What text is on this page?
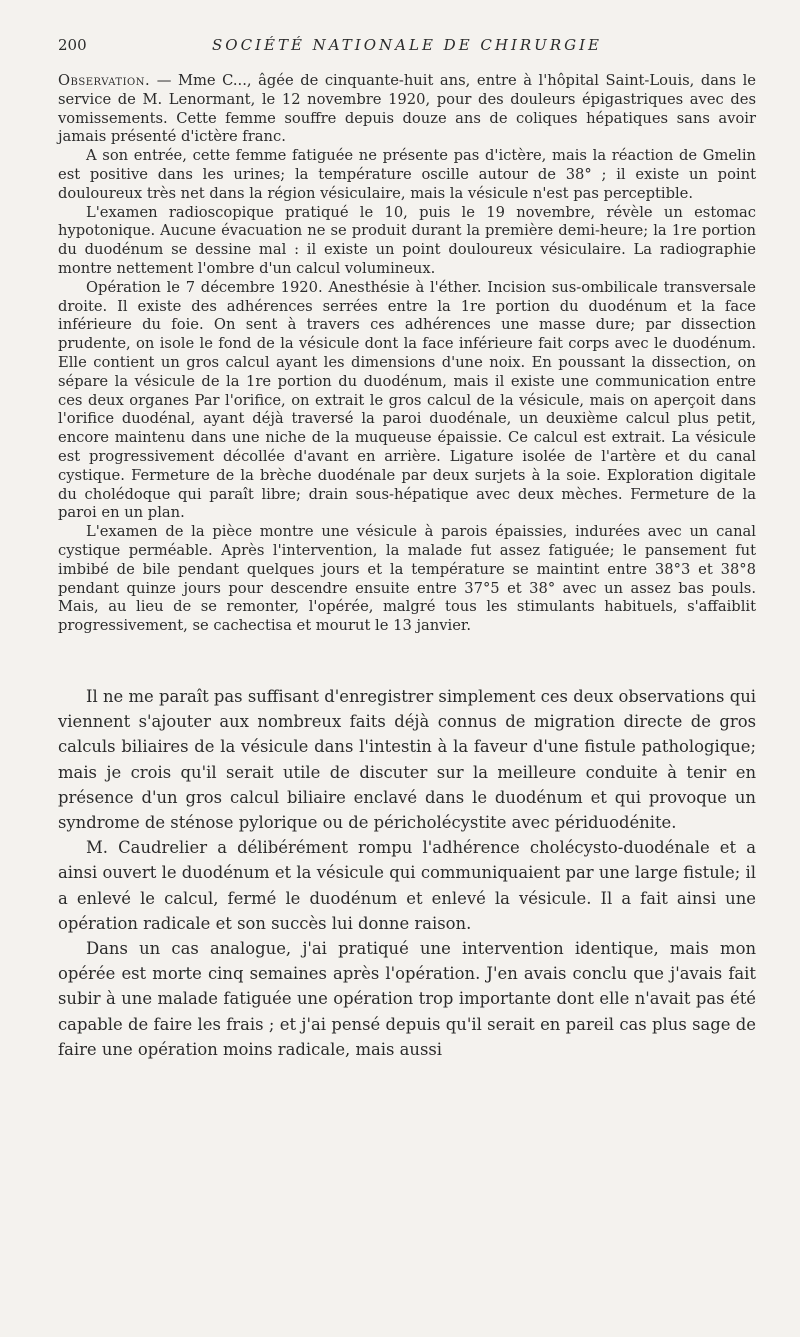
200	SOCIÉTÉ NATIONALE DE CHIRURGIE

Observation. — Mme C..., âgée de cinquante-huit ans, entre à l'hôpital Saint-Louis, dans le service de M. Lenormant, le 12 novembre 1920, pour des douleurs épigastriques avec des vomissements. Cette femme souffre depuis douze ans de coliques hépatiques sans avoir jamais présenté d'ictère franc.

A son entrée, cette femme fatiguée ne présente pas d'ictère, mais la réaction de Gmelin est positive dans les urines; la température oscille autour de 38° ; il existe un point douloureux très net dans la région vésiculaire, mais la vésicule n'est pas perceptible.

L'examen radioscopique pratiqué le 10, puis le 19 novembre, révèle un estomac hypotonique. Aucune évacuation ne se produit durant la première demi-heure; la 1re portion du duodénum se dessine mal : il existe un point douloureux vésiculaire. La radiographie montre nettement l'ombre d'un calcul volumineux.

Opération le 7 décembre 1920. Anesthésie à l'éther. Incision sus-ombilicale transversale droite. Il existe des adhérences serrées entre la 1re portion du duodénum et la face inférieure du foie. On sent à travers ces adhérences une masse dure; par dissection prudente, on isole le fond de la vésicule dont la face inférieure fait corps avec le duodénum. Elle contient un gros calcul ayant les dimensions d'une noix. En poussant la dissection, on sépare la vésicule de la 1re portion du duodénum, mais il existe une communication entre ces deux organes Par l'orifice, on extrait le gros calcul de la vésicule, mais on aperçoit dans l'orifice duodénal, ayant déjà traversé la paroi duodénale, un deuxième calcul plus petit, encore maintenu dans une niche de la muqueuse épaissie. Ce calcul est extrait. La vésicule est progressivement décollée d'avant en arrière. Ligature isolée de l'artère et du canal cystique. Fermeture de la brèche duodénale par deux surjets à la soie. Exploration digitale du cholédoque qui paraît libre; drain sous-hépatique avec deux mèches. Fermeture de la paroi en un plan.

L'examen de la pièce montre une vésicule à parois épaissies, indurées avec un canal cystique perméable. Après l'intervention, la malade fut assez fatiguée; le pansement fut imbibé de bile pendant quelques jours et la température se maintint entre 38°3 et 38°8 pendant quinze jours pour descendre ensuite entre 37°5 et 38° avec un assez bas pouls. Mais, au lieu de se remonter, l'opérée, malgré tous les stimulants habituels, s'affaiblit progressivement, se cachectisa et mourut le 13 janvier.

Il ne me paraît pas suffisant d'enregistrer simplement ces deux observations qui viennent s'ajouter aux nombreux faits déjà connus de migration directe de gros calculs biliaires de la vésicule dans l'intestin à la faveur d'une fistule pathologique; mais je crois qu'il serait utile de discuter sur la meilleure conduite à tenir en présence d'un gros calcul biliaire enclavé dans le duodénum et qui provoque un syndrome de sténose pylorique ou de péricholécystite avec périduodénite.

M. Caudrelier a délibérément rompu l'adhérence cholécysto-duodénale et a ainsi ouvert le duodénum et la vésicule qui communiquaient par une large fistule; il a enlevé le calcul, fermé le duodénum et enlevé la vésicule. Il a fait ainsi une opération radicale et son succès lui donne raison.

Dans un cas analogue, j'ai pratiqué une intervention identique, mais mon opérée est morte cinq semaines après l'opération. J'en avais conclu que j'avais fait subir à une malade fatiguée une opération trop importante dont elle n'avait pas été capable de faire les frais ; et j'ai pensé depuis qu'il serait en pareil cas plus sage de faire une opération moins radicale, mais aussi
